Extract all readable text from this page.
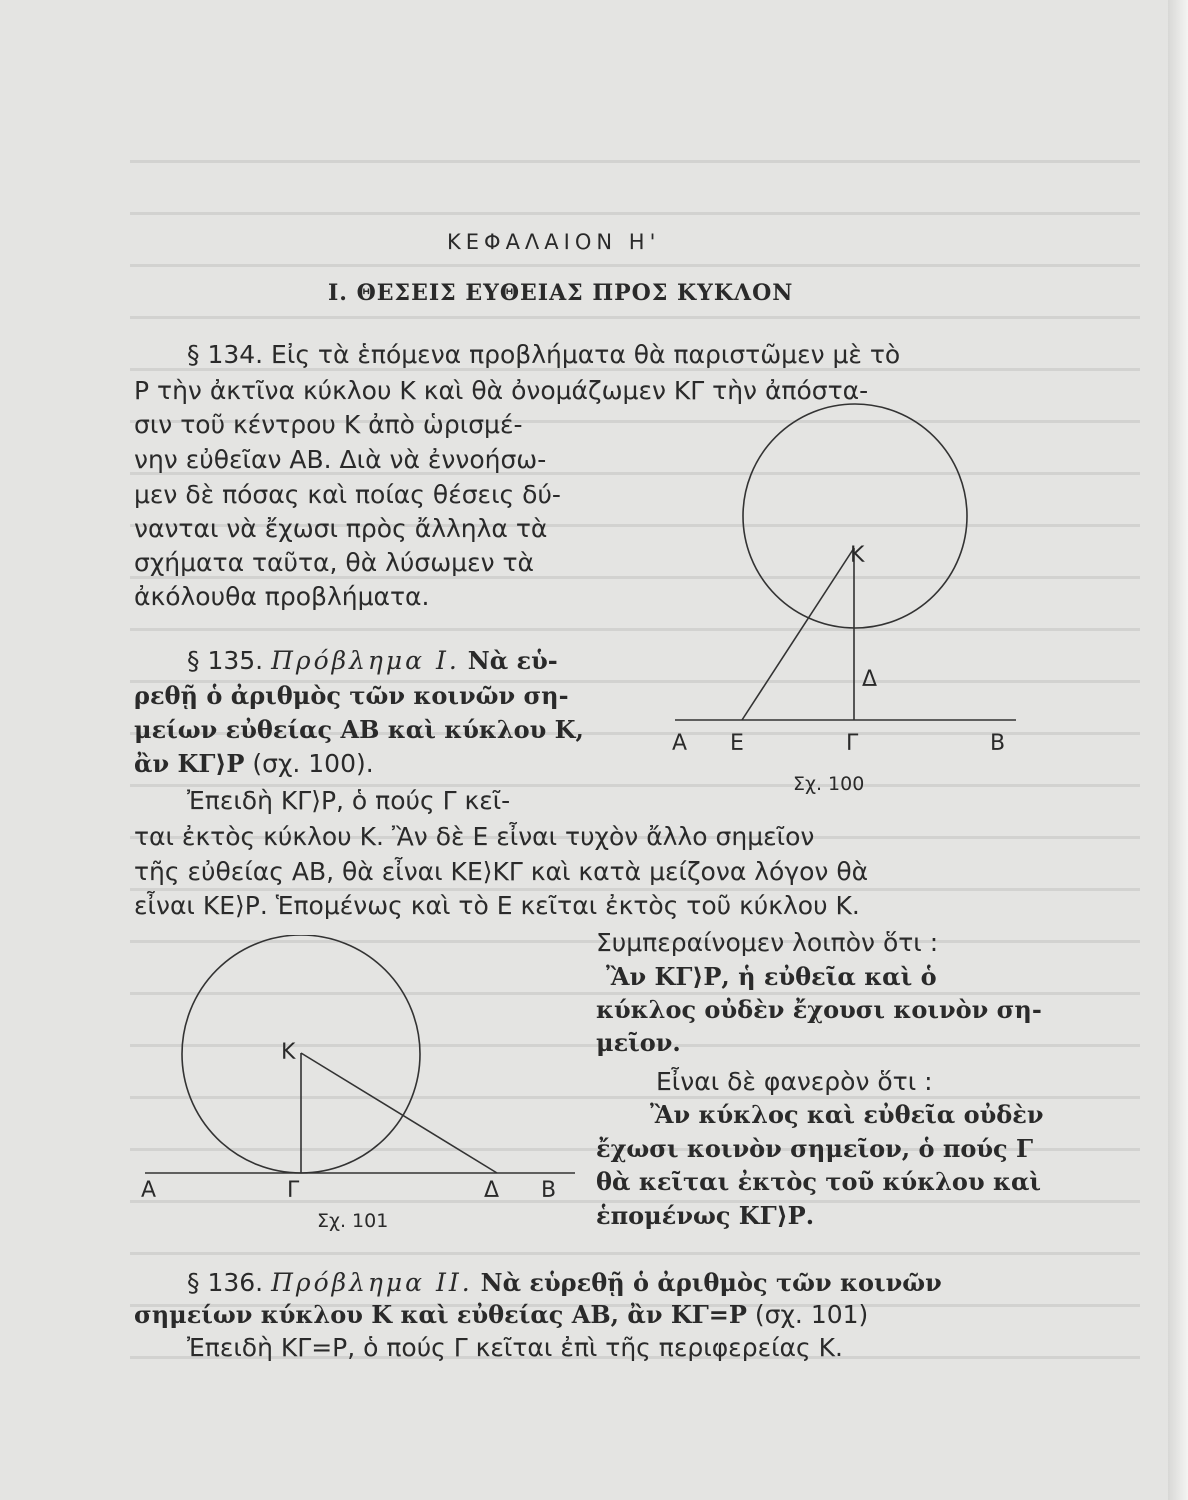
ΚΕΦΑΛΑΙΟΝ Η'
Ι. ΘΕΣΕΙΣ ΕΥΘΕΙΑΣ ΠΡΟΣ ΚΥΚΛΟΝ
§ 134. Εἰς τὰ ἑπόμενα προβλήματα θὰ παριστῶμεν μὲ τὸ
Ρ τὴν ἀκτῖνα κύκλου Κ καὶ θὰ ὀνομάζωμεν ΚΓ τὴν ἀπόστα-
σιν τοῦ κέντρου Κ ἀπὸ ὡρισμέ-
νην εὐθεῖαν ΑΒ. Διὰ νὰ ἐννοήσω-
μεν δὲ πόσας καὶ ποίας θέσεις δύ-
νανται νὰ ἔχωσι πρὸς ἄλληλα τὰ
σχήματα ταῦτα, θὰ λύσωμεν τὰ
ἀκόλουθα προβλήματα.
§ 135. Πρόβλημα Ι. Νὰ εὑ-
ρεθῇ ὁ ἀριθμὸς τῶν κοινῶν ση-
μείων εὐθείας ΑΒ καὶ κύκλου Κ,
ἂν ΚΓ⟩Ρ (σχ. 100).
Ἐπειδὴ ΚΓ⟩Ρ, ὁ πούς Γ κεῖ-
ται ἐκτὸς κύκλου Κ. Ἂν δὲ Ε εἶναι τυχὸν ἄλλο σημεῖον
τῆς εὐθείας ΑΒ, θὰ εἶναι ΚΕ⟩ΚΓ καὶ κατὰ μείζονα λόγον θὰ
εἶναι ΚΕ⟩Ρ. Ἑπομένως καὶ τὸ Ε κεῖται ἐκτὸς τοῦ κύκλου Κ.
Συμπεραίνομεν λοιπὸν ὅτι :
Ἂν ΚΓ⟩Ρ, ἡ εὐθεῖα καὶ ὁ
κύκλος οὐδὲν ἔχουσι κοινὸν ση-
μεῖον.
Εἶναι δὲ φανερὸν ὅτι :
Ἂν κύκλος καὶ εὐθεῖα οὐδὲν
ἔχωσι κοινὸν σημεῖον, ὁ πούς Γ
θὰ κεῖται ἐκτὸς τοῦ κύκλου καὶ
ἑπομένως ΚΓ⟩Ρ.
§ 136. Πρόβλημα ΙΙ. Νὰ εὑρεθῇ ὁ ἀριθμὸς τῶν κοινῶν
σημείων κύκλου Κ καὶ εὐθείας ΑΒ, ἂν ΚΓ=Ρ (σχ. 101)
Ἐπειδὴ ΚΓ=Ρ, ὁ πούς Γ κεῖται ἐπὶ τῆς περιφερείας Κ.
Κ
Δ
Α Ε	Γ	Β
Σχ. 100
Κ
Α	Γ	Δ Β
Σχ. 101
